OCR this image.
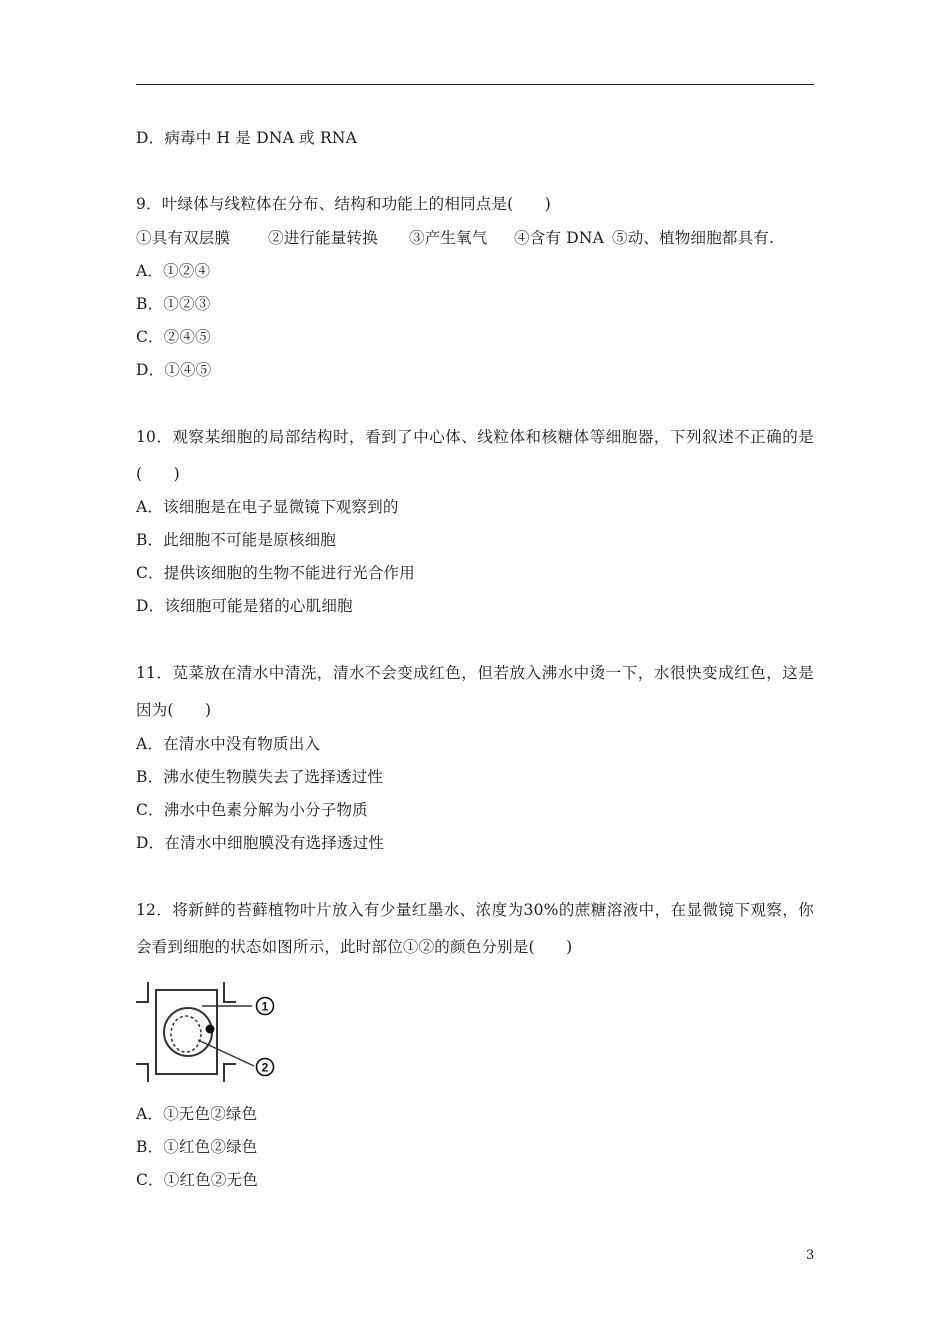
D．病毒中 H 是 DNA 或 RNA
9．叶绿体与线粒体在分布、结构和功能上的相同点是(　　)
①具有双层膜 ②进行能量转换 ③产生氧气 ④含有 DNA ⑤动、植物细胞都具有.
A．①②④
B．①②③
C．②④⑤
D．①④⑤
10．观察某细胞的局部结构时，看到了中心体、线粒体和核糖体等细胞器，下列叙述不正确的是
(　　)
A．该细胞是在电子显微镜下观察到的
B．此细胞不可能是原核细胞
C．提供该细胞的生物不能进行光合作用
D．该细胞可能是猪的心肌细胞
11．苋菜放在清水中清洗，清水不会变成红色，但若放入沸水中烫一下，水很快变成红色，这是
因为(　　)
A．在清水中没有物质出入
B．沸水使生物膜失去了选择透过性
C．沸水中色素分解为小分子物质
D．在清水中细胞膜没有选择透过性
12．将新鲜的苔藓植物叶片放入有少量红墨水、浓度为30%的蔗糖溶液中，在显微镜下观察，你
会看到细胞的状态如图所示，此时部位①②的颜色分别是(　　)
1
2
A．①无色②绿色
B．①红色②绿色
C．①红色②无色
3
